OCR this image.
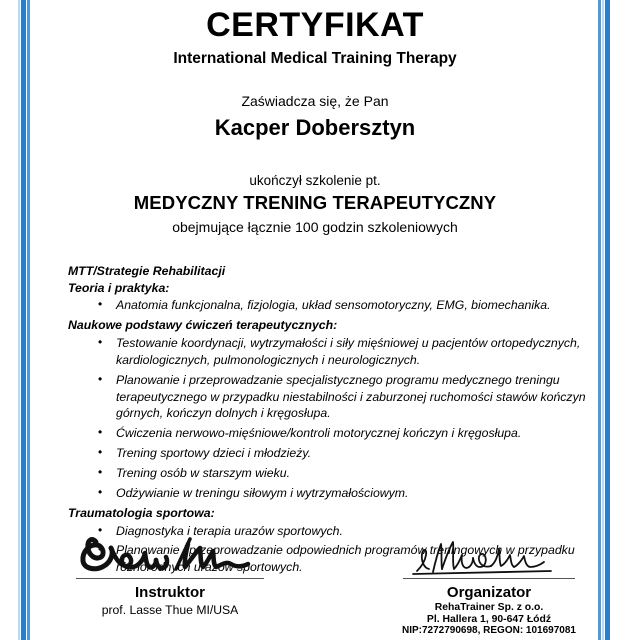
CERTYFIKAT
International Medical Training Therapy
Zaświadcza się, że Pan
Kacper Dobersztyn
ukończył szkolenie pt.
MEDYCZNY TRENING TERAPEUTYCZNY
obejmujące łącznie 100 godzin szkoleniowych
MTT/Strategie Rehabilitacji
Teoria i praktyka:
• Anatomia funkcjonalna, fizjologia, układ sensomotoryczny, EMG, biomechanika.
Naukowe podstawy ćwiczeń terapeutycznych:
• Testowanie koordynacji, wytrzymałości i siły mięśniowej u pacjentów ortopedycznych, kardiologicznych, pulmonologicznych i neurologicznych.
• Planowanie i przeprowadzanie specjalistycznego programu medycznego treningu terapeutycznego w przypadku niestabilności i zaburzonej ruchomości stawów kończyn górnych, kończyn dolnych i kręgosłupa.
• Ćwiczenia nerwowo-mięśniowe/kontroli motorycznej kończyn i kręgosłupa.
• Trening sportowy dzieci i młodzieży.
• Trening osób w starszym wieku.
• Odżywianie w treningu siłowym i wytrzymałościowym.
Traumatologia sportowa:
• Diagnostyka i terapia urazów sportowych.
• Planowanie i przeprowadzanie odpowiednich programów treningowych w przypadku różnorodnych urazów sportowych.
Instruktor
prof. Lasse Thue MI/USA
Organizator
RehaTrainer Sp. z o.o.
Pl. Hallera 1, 90-647 Łódź
NIP:7272790698, REGON: 101697081
